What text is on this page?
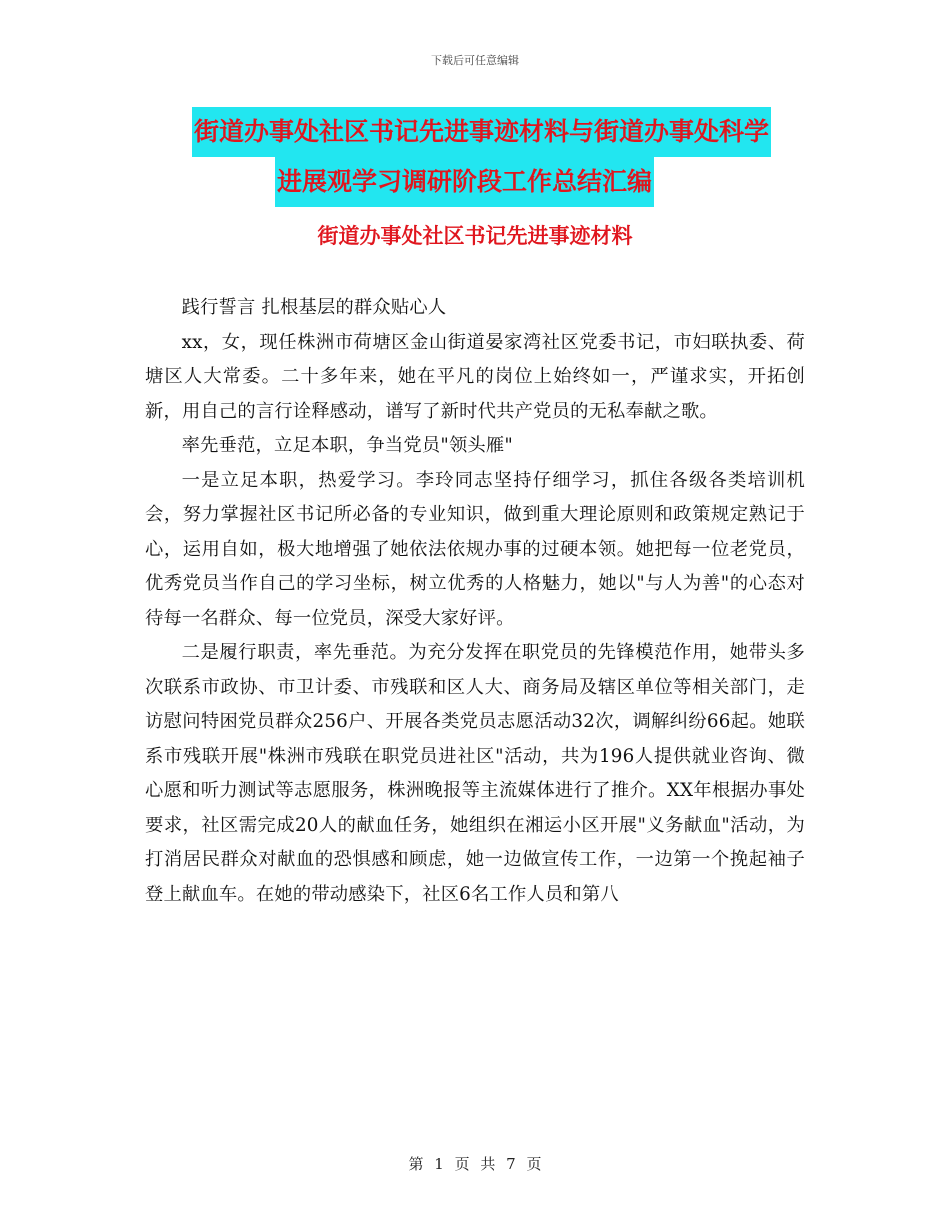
下载后可任意编辑
街道办事处社区书记先进事迹材料与街道办事处科学
进展观学习调研阶段工作总结汇编
街道办事处社区书记先进事迹材料

践行誓言 扎根基层的群众贴心人

xx，女，现任株洲市荷塘区金山街道晏家湾社区党委书记，市妇联执委、荷塘区人大常委。二十多年来，她在平凡的岗位上始终如一，严谨求实，开拓创新，用自己的言行诠释感动，谱写了新时代共产党员的无私奉献之歌。

率先垂范，立足本职，争当党员"领头雁"

一是立足本职，热爱学习。李玲同志坚持仔细学习，抓住各级各类培训机会，努力掌握社区书记所必备的专业知识，做到重大理论原则和政策规定熟记于心，运用自如，极大地增强了她依法依规办事的过硬本领。她把每一位老党员，优秀党员当作自己的学习坐标，树立优秀的人格魅力，她以"与人为善"的心态对待每一名群众、每一位党员，深受大家好评。

二是履行职责，率先垂范。为充分发挥在职党员的先锋模范作用，她带头多次联系市政协、市卫计委、市残联和区人大、商务局及辖区单位等相关部门，走访慰问特困党员群众256户、开展各类党员志愿活动32次，调解纠纷66起。她联系市残联开展"株洲市残联在职党员进社区"活动，共为196人提供就业咨询、微心愿和听力测试等志愿服务，株洲晚报等主流媒体进行了推介。XX年根据办事处要求，社区需完成20人的献血任务，她组织在湘运小区开展"义务献血"活动，为打消居民群众对献血的恐惧感和顾虑，她一边做宣传工作，一边第一个挽起袖子登上献血车。在她的带动感染下，社区6名工作人员和第八

第 1 页 共 7 页
